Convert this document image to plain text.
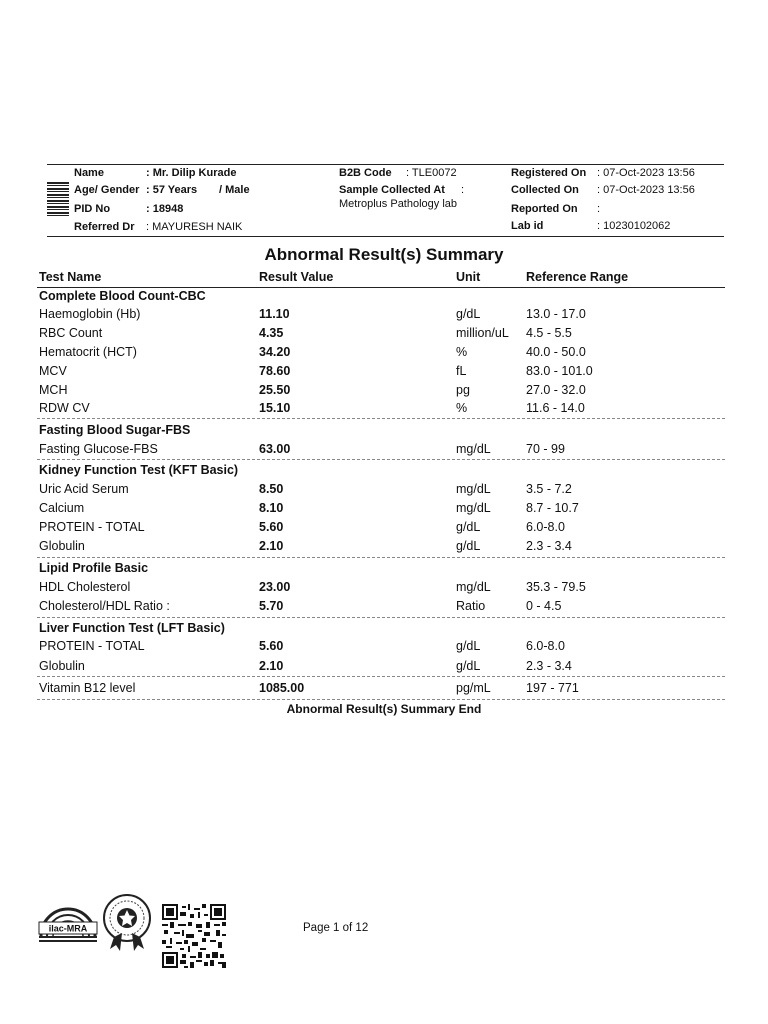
Name	: Mr. Dilip Kurade
Age/ Gender : 57 Years / Male
PID No	: 18948
Referred Dr : MAYURESH NAIK
B2B Code : TLE0072
Sample Collected At :
Metroplus Pathology lab
Registered On : 07-Oct-2023 13:56
Collected On : 07-Oct-2023 13:56
Reported On :
Lab id	: 10230102062
Abnormal Result(s) Summary
Test Name	Result Value	Unit	Reference Range
Complete Blood Count-CBC
Haemoglobin (Hb)	11.10	g/dL	13.0 - 17.0
RBC Count	4.35	million/uL 4.5 - 5.5
Hematocrit (HCT)	34.20	%	40.0 - 50.0
MCV	78.60	fL	83.0 - 101.0
MCH	25.50	pg	27.0 - 32.0
RDW CV	15.10	%	11.6 - 14.0
Fasting Blood Sugar-FBS
Fasting Glucose-FBS	63.00	mg/dL	70 - 99
Kidney Function Test (KFT Basic)
Uric Acid Serum	8.50	mg/dL	3.5 - 7.2
Calcium	8.10	mg/dL	8.7 - 10.7
PROTEIN - TOTAL	5.60	g/dL	6.0-8.0
Globulin	2.10	g/dL	2.3 - 3.4
Lipid Profile Basic
HDL Cholesterol	23.00	mg/dL	35.3 - 79.5
Cholesterol/HDL Ratio :	5.70	Ratio	0 - 4.5
Liver Function Test (LFT Basic)
PROTEIN - TOTAL	5.60	g/dL	6.0-8.0
Globulin	2.10	g/dL	2.3 - 3.4
Vitamin B12 level	1085.00	pg/mL	197 - 771
Abnormal Result(s) Summary End
ilac-MRA	Page 1 of 12
